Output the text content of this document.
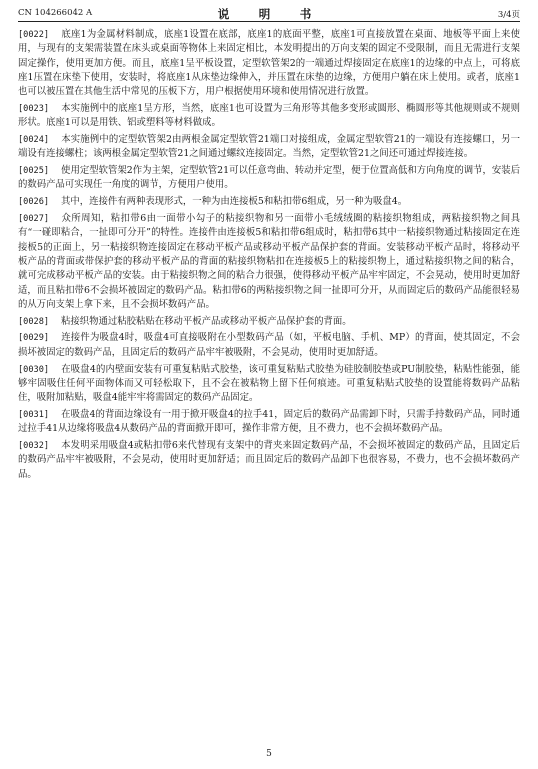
CN 104266042 A	说　明　书	3/4页

[0022] 底座1为金属材料制成，底座1设置在底部，底座1的底面平整，底座1可直接放置在桌面、地板等平面上来使用，与现有的支架需装置在床头或桌面等物体上来固定相比，本发明提出的万向支架的固定不受限制，而且无需进行支架固定操作，使用更加方便。而且，底座1呈平板设置，定型软管架2的一端通过焊接固定在底座1的边缘的中点上，可将底座1压置在床垫下使用，安装时，将底座1从床垫边缘伸入，并压置在床垫的边缘，方便用户躺在床上使用。或者，底座1也可以被压置在其他生活中常见的压板下方，用户根据使用环境和使用情况进行放置。

[0023] 本实施例中的底座1呈方形，当然，底座1也可设置为三角形等其他多变形或圆形、椭圆形等其他规则或不规则形状。底座1可以是用铁、铝或塑料等材料做成。

[0024] 本实施例中的定型软管架2由两根金属定型软管21端口对接组成，金属定型软管21的一端设有连接螺口，另一端设有连接螺柱；该两根金属定型软管21之间通过螺纹连接固定。当然，定型软管21之间还可通过焊接连接。

[0025] 使用定型软管架2作为主架，定型软管21可以任意弯曲、转动并定型，便于位置高低和方向角度的调节，安装后的数码产品可实现任一角度的调节，方便用户使用。

[0026] 其中，连接件有两种表现形式，一种为由连接板5和粘扣带6组成，另一种为吸盘4。

[0027] 众所周知，粘扣带6由一面带小勾子的粘接织物和另一面带小毛绒绒圈的粘接织物组成，两粘接织物之间具有“一碰即粘合，一扯即可分开”的特性。连接件由连接板5和粘扣带6组成时，粘扣带6其中一粘接织物通过粘接固定在连接板5的正面上，另一粘接织物连接固定在移动平板产品或移动平板产品保护套的背面。安装移动平板产品时，将移动平板产品的背面或带保护套的移动平板产品的背面的粘接织物粘扣在连接板5上的粘接织物上，通过粘接织物之间的粘合，就可完成移动平板产品的安装。由于粘接织物之间的粘合力很强，使得移动平板产品牢牢固定，不会晃动，使用时更加舒适，而且粘扣带6不会损坏被固定的数码产品。粘扣带6的两粘接织物之间一扯即可分开，从而固定后的数码产品能很轻易的从万向支架上拿下来，且不会损坏数码产品。

[0028] 粘接织物通过粘胶粘贴在移动平板产品或移动平板产品保护套的背面。

[0029] 连接件为吸盘4时，吸盘4可直接吸附在小型数码产品（如，平板电脑、手机、MP）的背面，使其固定，不会损坏被固定的数码产品，且固定后的数码产品牢牢被吸附，不会晃动，使用时更加舒适。

[0030] 在吸盘4的内壁面安装有可重复粘贴式胶垫，该可重复粘贴式胶垫为硅胶制胶垫或PU制胶垫，粘贴性能强，能够牢固吸住任何平面物体而又可轻松取下，且不会在被粘物上留下任何痕迹。可重复粘贴式胶垫的设置能将数码产品粘住，吸附加粘贴，吸盘4能牢牢将需固定的数码产品固定。

[0031] 在吸盘4的背面边缘设有一用于掀开吸盘4的拉手41，固定后的数码产品需卸下时，只需手持数码产品，同时通过拉手41从边缘将吸盘4从数码产品的背面掀开即可，操作非常方便，且不费力，也不会损坏数码产品。

[0032] 本发明采用吸盘4或粘扣带6来代替现有支架中的背夹来固定数码产品，不会损坏被固定的数码产品，且固定后的数码产品牢牢被吸附，不会晃动，使用时更加舒适；而且固定后的数码产品卸下也很容易，不费力，也不会损坏数码产品。

5
